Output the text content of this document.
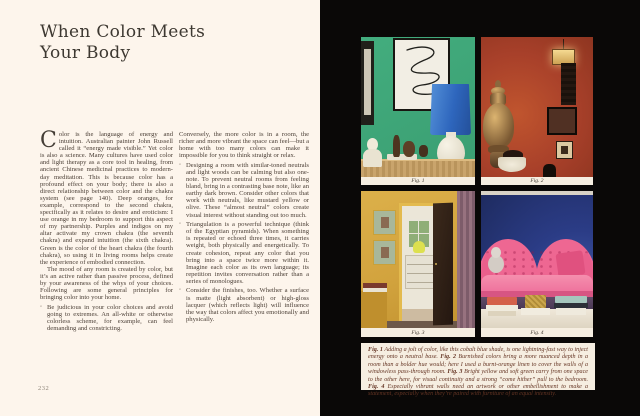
When Color Meets
Your Body

Color is the language of energy and intuition. Australian painter John Russell called it “energy made visible.” Yet color is also a science. Many cultures have used color and light therapy as a core tool in healing, from ancient Chinese medicinal practices to modern-day meditation. This is because color has a profound effect on your body; there is also a direct relationship between color and the chakra system (see page 140). Deep oranges, for example, correspond to the second chakra, specifically as it relates to desire and eroticism: I use orange in my bedroom to support this aspect of my partnership. Purples and indigos on my altar activate my crown chakra (the seventh chakra) and expand intuition (the sixth chakra). Green is the color of the heart chakra (the fourth chakra), so using it in living rooms helps create the experience of embodied connection.

The mood of any room is created by color, but it’s an active rather than passive process, defined by your awareness of the whys of your choices. Following are some general principles for bringing color into your home.

◦ Be judicious in your color choices and avoid going to extremes. An all-white or otherwise colorless scheme, for example, can feel demanding and constricting.

Conversely, the more color is in a room, the richer and more vibrant the space can feel—but a home with too many colors can make it impossible for you to think straight or relax.

◦ Designing a room with similar-toned neutrals and light woods can be calming but also one-note. To prevent neutral rooms from feeling bland, bring in a contrasting base note, like an earthy dark brown. Consider other colors that work with neutrals, like mustard yellow or olive. These “almost neutral” colors create visual interest without standing out too much.
◦ Triangulation is a powerful technique (think of the Egyptian pyramids). When something is repeated or echoed three times, it carries weight, both physically and energetically. To create cohesion, repeat any color that you bring into a space twice more within it. Imagine each color as its own language; its repetition invites conversation rather than a series of monologues.
◦ Consider the finishes, too. Whether a surface is matte (light absorbent) or high-gloss lacquer (which reflects light) will influence the way that colors affect you emotionally and physically.
232
Fig. 1	Fig. 2
Fig. 3	Fig. 4
Fig. 1 Adding a jolt of color, like this cobalt blue shade, is one lightning-fast way to inject energy onto a neutral base. Fig. 2 Burnished colors bring a more nuanced depth in a room than a bolder hue would; here I used a burnt-orange linen to cover the walls of a windowless pass-through room. Fig. 3 Bright yellow and soft green carry from one space to the other here, for visual continuity and a strong “come hither” pull to the bedroom. Fig. 4 Especially vibrant walls need an artwork or other embellishment to make a statement, especially when they’re paired with furniture of an equal intensity.
